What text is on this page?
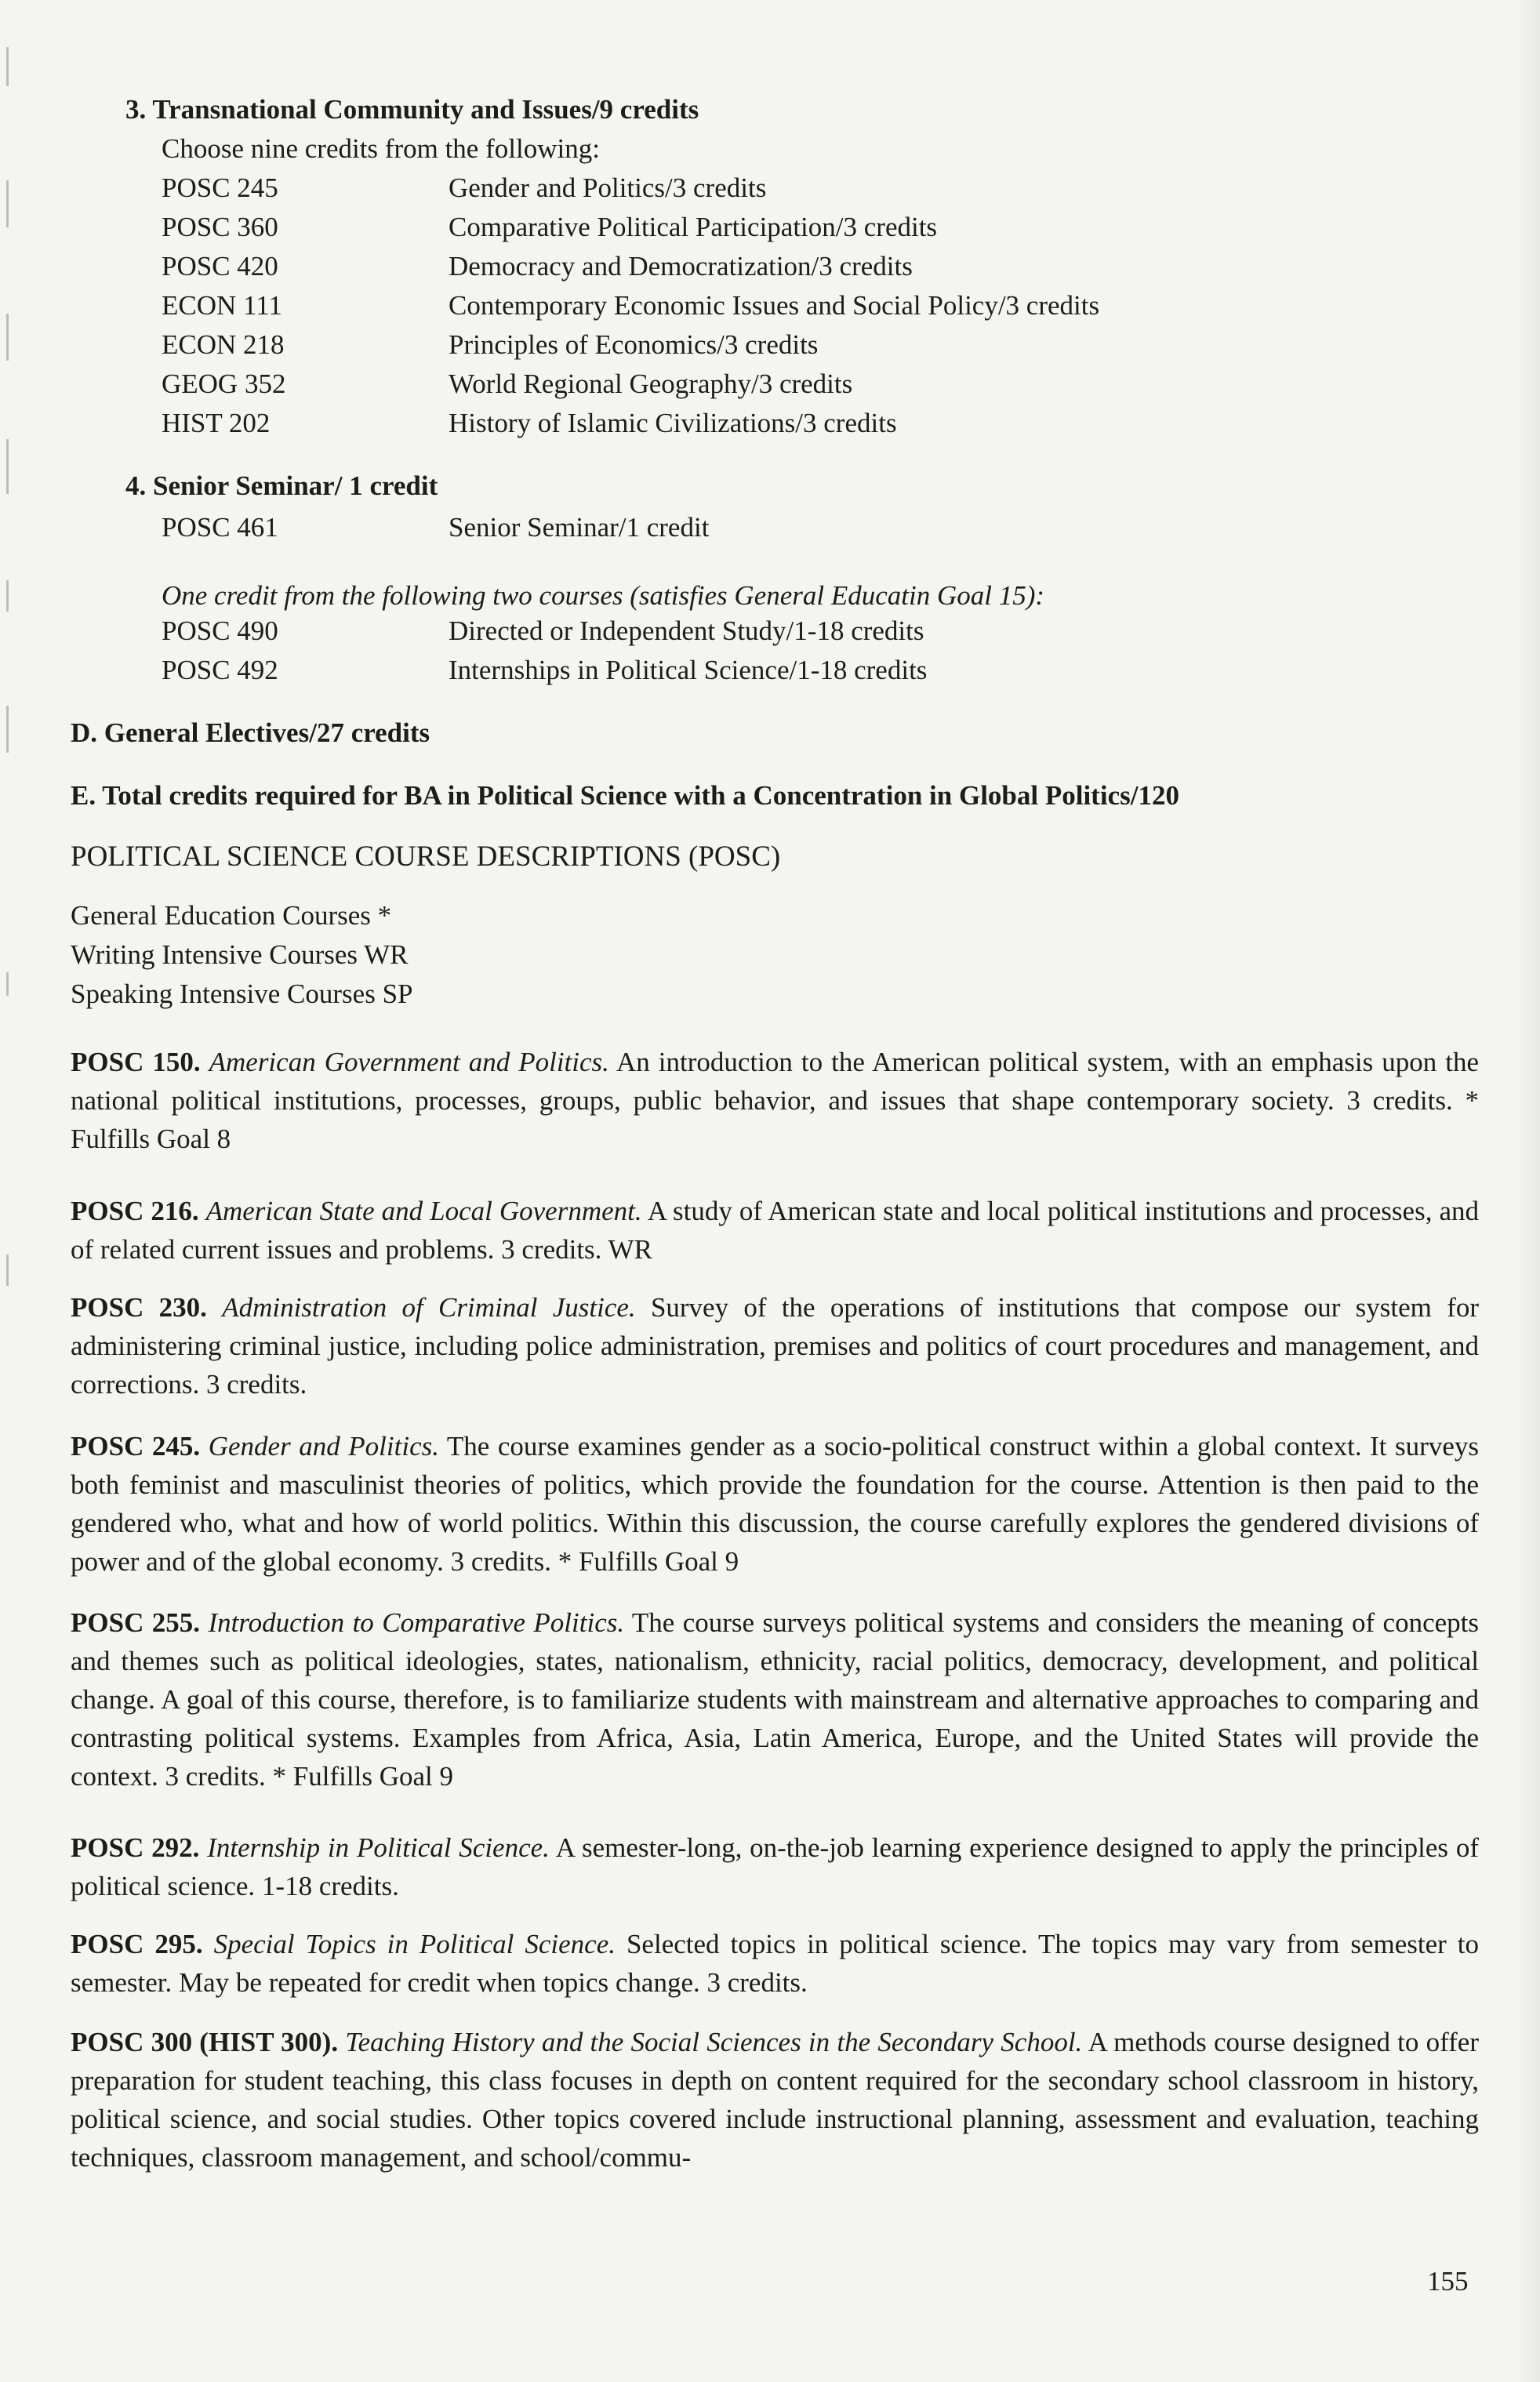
3. Transnational Community and Issues/9 credits
Choose nine credits from the following:
POSC 245	Gender and Politics/3 credits
POSC 360	Comparative Political Participation/3 credits
POSC 420	Democracy and Democratization/3 credits
ECON 111	Contemporary Economic Issues and Social Policy/3 credits
ECON 218	Principles of Economics/3 credits
GEOG 352	World Regional Geography/3 credits
HIST 202	History of Islamic Civilizations/3 credits
4. Senior Seminar/ 1 credit
POSC 461	Senior Seminar/1 credit
One credit from the following two courses (satisfies General Educatin Goal 15):
POSC 490	Directed or Independent Study/1-18 credits
POSC 492	Internships in Political Science/1-18 credits
D. General Electives/27 credits
E. Total credits required for BA in Political Science with a Concentration in Global Politics/120
POLITICAL SCIENCE COURSE DESCRIPTIONS (POSC)
General Education Courses *
Writing Intensive Courses WR
Speaking Intensive Courses SP
POSC 150. American Government and Politics. An introduction to the American political system, with an emphasis upon the national political institutions, processes, groups, public behavior, and issues that shape contemporary society. 3 credits. * Fulfills Goal 8
POSC 216. American State and Local Government. A study of American state and local political institutions and processes, and of related current issues and problems. 3 credits. WR
POSC 230. Administration of Criminal Justice. Survey of the operations of institutions that compose our system for administering criminal justice, including police administration, premises and politics of court procedures and management, and corrections. 3 credits.
POSC 245. Gender and Politics. The course examines gender as a socio-political construct within a global context. It surveys both feminist and masculinist theories of politics, which provide the foundation for the course. Attention is then paid to the gendered who, what and how of world politics. Within this discussion, the course carefully explores the gendered divisions of power and of the global economy. 3 credits. * Fulfills Goal 9
POSC 255. Introduction to Comparative Politics. The course surveys political systems and considers the meaning of concepts and themes such as political ideologies, states, nationalism, ethnicity, racial politics, democracy, development, and political change. A goal of this course, therefore, is to familiarize students with mainstream and alternative approaches to comparing and contrasting political systems. Examples from Africa, Asia, Latin America, Europe, and the United States will provide the context. 3 credits. * Fulfills Goal 9
POSC 292. Internship in Political Science. A semester-long, on-the-job learning experience designed to apply the principles of political science. 1-18 credits.
POSC 295. Special Topics in Political Science. Selected topics in political science. The topics may vary from semester to semester. May be repeated for credit when topics change. 3 credits.
POSC 300 (HIST 300). Teaching History and the Social Sciences in the Secondary School. A methods course designed to offer preparation for student teaching, this class focuses in depth on content required for the secondary school classroom in history, political science, and social studies. Other topics covered include instructional planning, assessment and evaluation, teaching techniques, classroom management, and school/commu-
155
